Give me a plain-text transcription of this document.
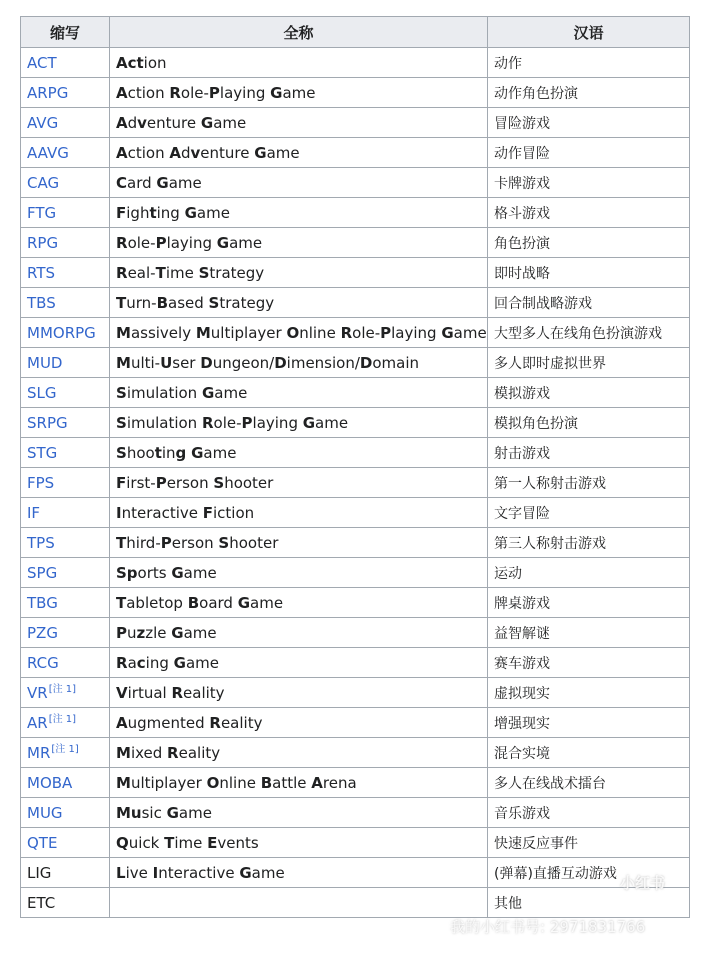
缩写	全称	汉语
ACT	Action	动作
ARPG	Action Role-Playing Game	动作角色扮演
AVG	Adventure Game	冒险游戏
AAVG	Action Adventure Game	动作冒险
CAG	Card Game	卡牌游戏
FTG	Fighting Game	格斗游戏
RPG	Role-Playing Game	角色扮演
RTS	Real-Time Strategy	即时战略
TBS	Turn-Based Strategy	回合制战略游戏
MMORPG	Massively Multiplayer Online Role-Playing Game	大型多人在线角色扮演游戏
MUD	Multi-User Dungeon/Dimension/Domain	多人即时虚拟世界
SLG	Simulation Game	模拟游戏
SRPG	Simulation Role-Playing Game	模拟角色扮演
STG	Shooting Game	射击游戏
FPS	First-Person Shooter	第一人称射击游戏
IF	Interactive Fiction	文字冒险
TPS	Third-Person Shooter	第三人称射击游戏
SPG	Sports Game	运动
TBG	Tabletop Board Game	牌桌游戏
PZG	Puzzle Game	益智解谜
RCG	Racing Game	赛车游戏
VR[注 1]	Virtual Reality	虚拟现实
AR[注 1]	Augmented Reality	增强现实
MR[注 1]	Mixed Reality	混合实境
MOBA	Multiplayer Online Battle Arena	多人在线战术擂台
MUG	Music Game	音乐游戏
QTE	Quick Time Events	快速反应事件
LIG	Live Interactive Game	(弹幕)直播互动游戏
ETC		其他
小红书
我的小红书号: 2971831766
